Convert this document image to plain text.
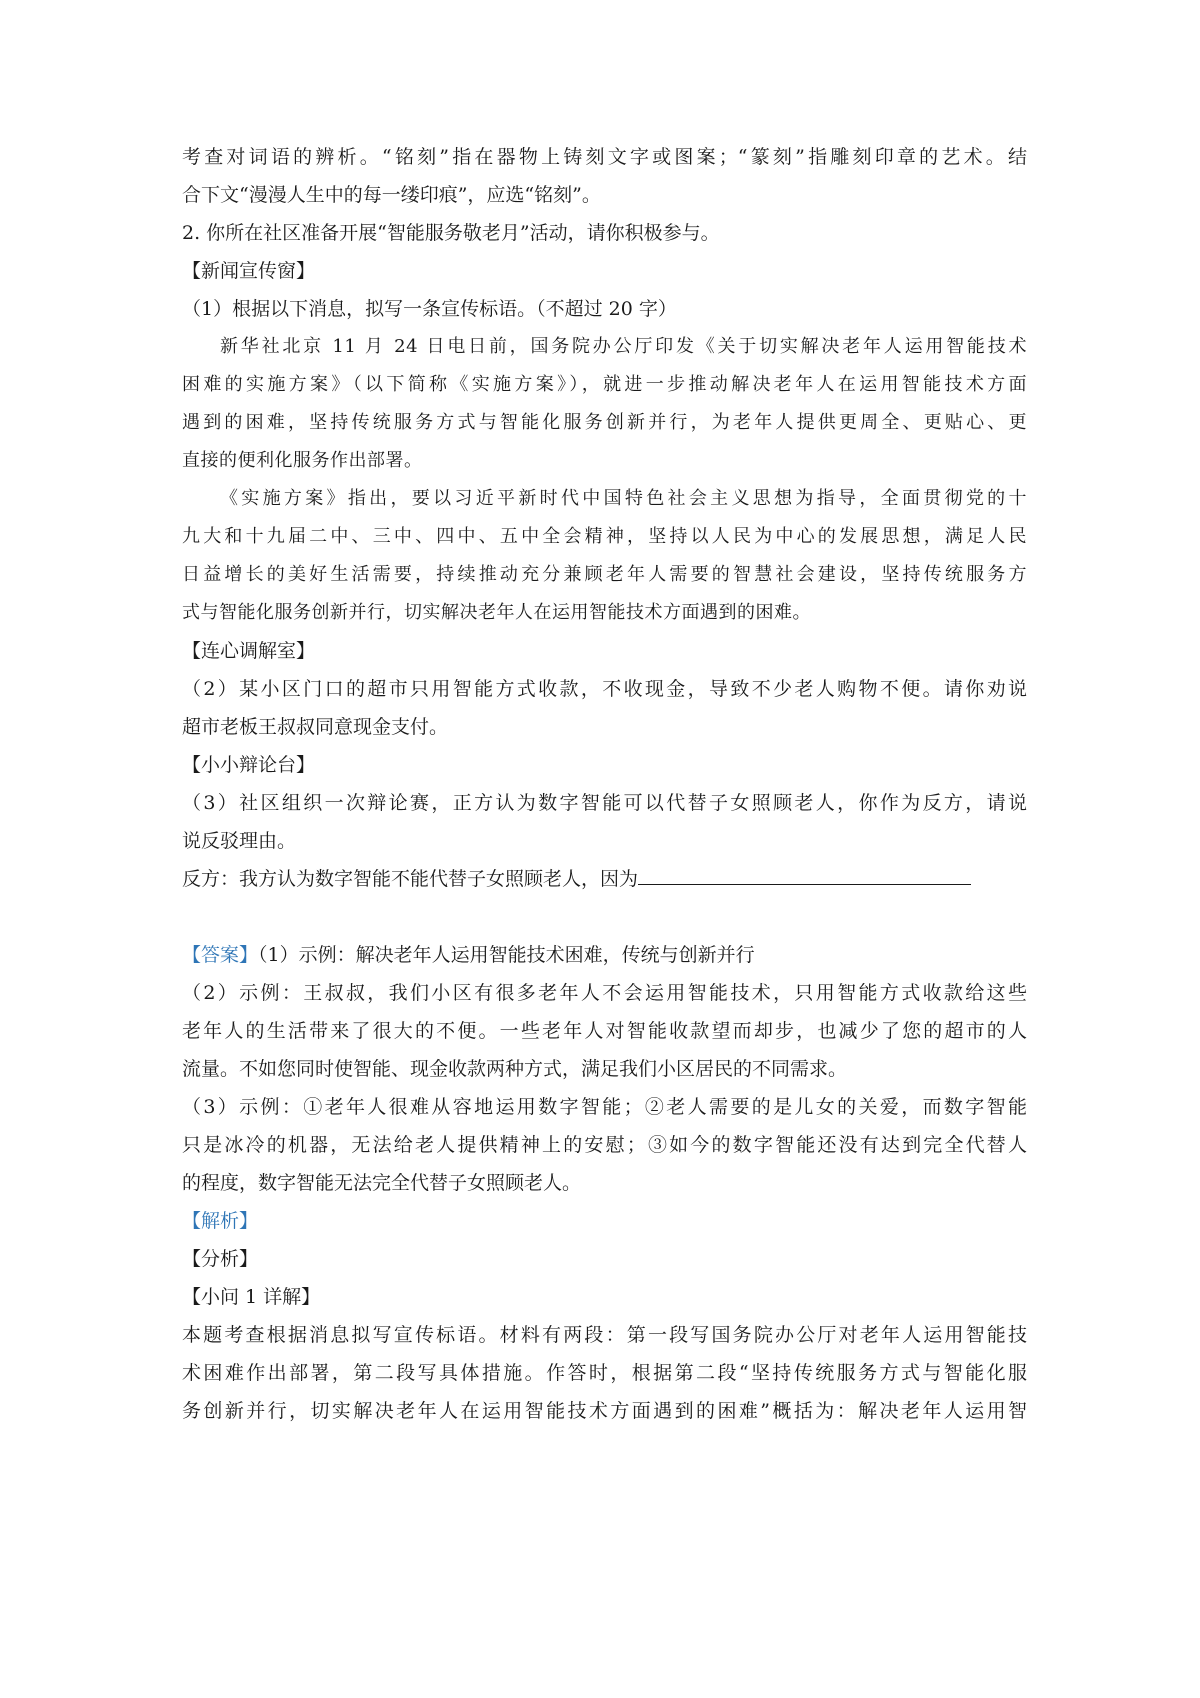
考查对词语的辨析。“铭刻”指在器物上铸刻文字或图案；“篆刻”指雕刻印章的艺术。结
合下文“漫漫人生中的每一缕印痕”，应选“铭刻”。
2. 你所在社区准备开展“智能服务敬老月”活动，请你积极参与。
【新闻宣传窗】
（1）根据以下消息，拟写一条宣传标语。（不超过 20 字）
新华社北京 11 月 24 日电日前，国务院办公厅印发《关于切实解决老年人运用智能技术
困难的实施方案》（以下简称《实施方案》），就进一步推动解决老年人在运用智能技术方面
遇到的困难，坚持传统服务方式与智能化服务创新并行，为老年人提供更周全、更贴心、更
直接的便利化服务作出部署。
《实施方案》指出，要以习近平新时代中国特色社会主义思想为指导，全面贯彻党的十
九大和十九届二中、三中、四中、五中全会精神，坚持以人民为中心的发展思想，满足人民
日益增长的美好生活需要，持续推动充分兼顾老年人需要的智慧社会建设，坚持传统服务方
式与智能化服务创新并行，切实解决老年人在运用智能技术方面遇到的困难。
【连心调解室】
（2）某小区门口的超市只用智能方式收款，不收现金，导致不少老人购物不便。请你劝说
超市老板王叔叔同意现金支付。
【小小辩论台】
（3）社区组织一次辩论赛，正方认为数字智能可以代替子女照顾老人，你作为反方，请说
说反驳理由。
反方：我方认为数字智能不能代替子女照顾老人，因为
【答案】（1）示例：解决老年人运用智能技术困难，传统与创新并行
（2）示例：王叔叔，我们小区有很多老年人不会运用智能技术，只用智能方式收款给这些
老年人的生活带来了很大的不便。一些老年人对智能收款望而却步，也减少了您的超市的人
流量。不如您同时使智能、现金收款两种方式，满足我们小区居民的不同需求。
（3）示例：①老年人很难从容地运用数字智能；②老人需要的是儿女的关爱，而数字智能
只是冰冷的机器，无法给老人提供精神上的安慰；③如今的数字智能还没有达到完全代替人
的程度，数字智能无法完全代替子女照顾老人。
【解析】
【分析】
【小问 1 详解】
本题考查根据消息拟写宣传标语。材料有两段：第一段写国务院办公厅对老年人运用智能技
术困难作出部署，第二段写具体措施。作答时，根据第二段“坚持传统服务方式与智能化服
务创新并行，切实解决老年人在运用智能技术方面遇到的困难”概括为：解决老年人运用智
